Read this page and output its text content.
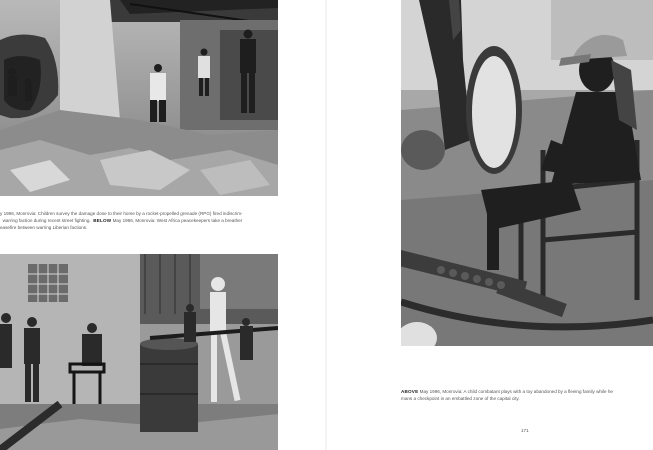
y 1996, Monrovia: Children survey the damage done to their home by a rocket-propelled grenade (RPG) fired indiscrim-
warring faction during recent street fighting. BELOW May 1996, Monrovia: West Africa peacekeepers take a breather
easefire between warring Liberian factions.
ABOVE May 1996, Monrovia: A child combatant plays with a toy abandoned by a fleeing family while he
mans a checkpoint in an embattled zone of the capital city.
171
